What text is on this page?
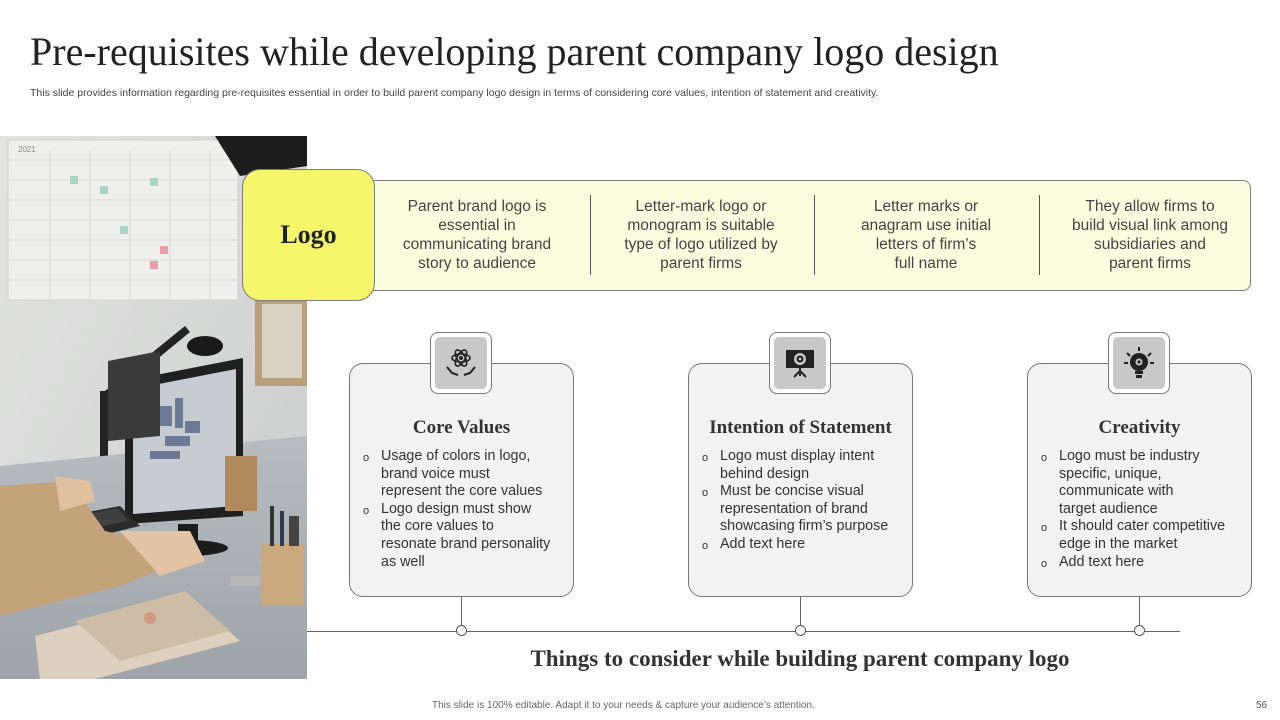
Pre-requisites while developing parent company logo design
This slide provides information regarding pre-requisites essential in order to build parent company logo design in terms of considering core values, intention of statement and creativity.
2021
Logo
Parent brand logo is
essential in
communicating brand
story to audience
Letter-mark logo or
monogram is suitable
type of logo utilized by
parent firms
Letter marks or
anagram use initial
letters of firm’s
full name
They allow firms to
build visual link among
subsidiaries and
parent firms
Core Values
o Usage of colors in logo,
brand voice must
represent the core values
o Logo design must show
the core values to
resonate brand personality
as well
Intention of Statement
o Logo must display intent
behind design
o Must be concise visual
representation of brand
showcasing firm’s purpose
o Add text here
Creativity
o Logo must be industry
specific, unique,
communicate with
target audience
o It should cater competitive
edge in the market
o Add text here
Things to consider while building parent company logo
This slide is 100% editable. Adapt it to your needs & capture your audience’s attention.	56
